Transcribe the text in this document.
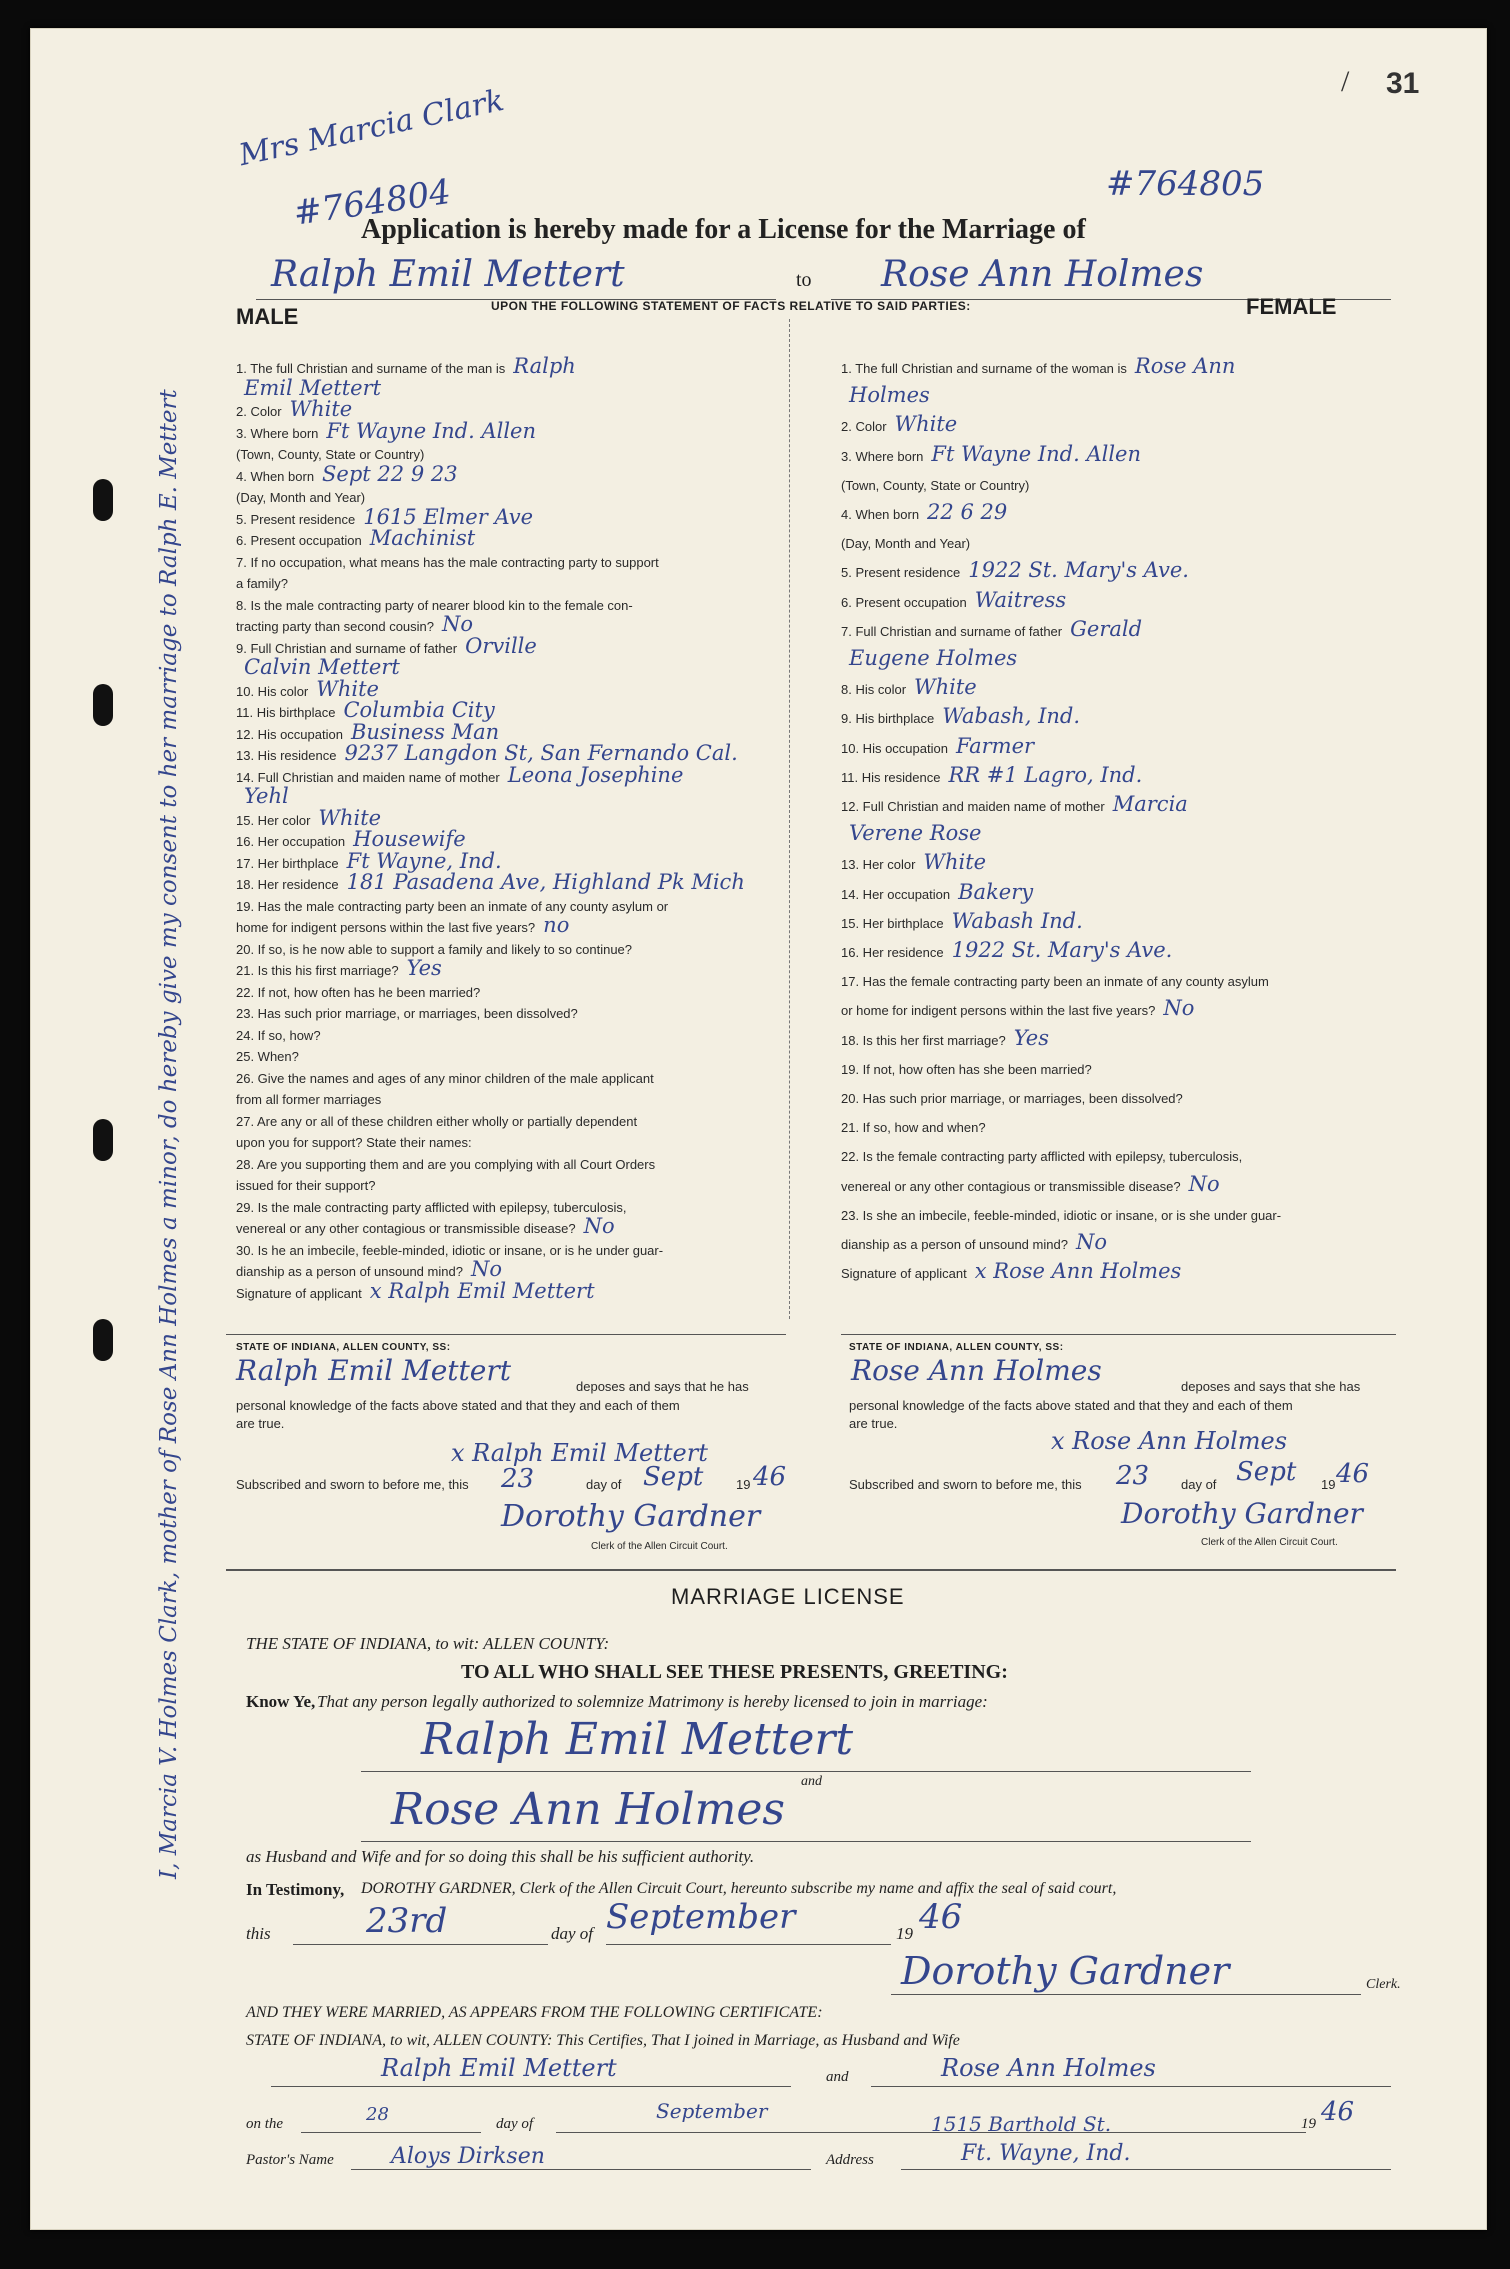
/ 31
Mrs Marcia Clark
#764804	#764805
Application is hereby made for a License for the Marriage of
Ralph Emil Mettert	to Rose Ann Holmes
MALE	UPON THE FOLLOWING STATEMENT OF FACTS RELATIVE TO SAID PARTIES:	FEMALE
1. The full Christian and surname of the man is Ralph
Emil Mettert
2. Color White
3. Where born Ft Wayne Ind. Allen
(Town, County, State or Country)
4. When born Sept 22 9 23
(Day, Month and Year)
5. Present residence 1615 Elmer Ave
6. Present occupation Machinist
7. If no occupation, what means has the male contracting party to support
a family?
8. Is the male contracting party of nearer blood kin to the female con-
tracting party than second cousin? No
9. Full Christian and surname of father Orville
Calvin Mettert
10. His color White
11. His birthplace Columbia City
12. His occupation Business Man
13. His residence 9237 Langdon St, San Fernando Cal.
14. Full Christian and maiden name of mother Leona Josephine
Yehl
15. Her color White
16. Her occupation Housewife
17. Her birthplace Ft Wayne, Ind.
18. Her residence 181 Pasadena Ave, Highland Pk Mich
19. Has the male contracting party been an inmate of any county asylum or
home for indigent persons within the last five years? no
20. If so, is he now able to support a family and likely to so continue?
21. Is this his first marriage? Yes
22. If not, how often has he been married?
23. Has such prior marriage, or marriages, been dissolved?
24. If so, how?
25. When?
26. Give the names and ages of any minor children of the male applicant
from all former marriages
27. Are any or all of these children either wholly or partially dependent
upon you for support? State their names:
28. Are you supporting them and are you complying with all Court Orders
issued for their support?
29. Is the male contracting party afflicted with epilepsy, tuberculosis,
venereal or any other contagious or transmissible disease? No
30. Is he an imbecile, feeble-minded, idiotic or insane, or is he under guar-
dianship as a person of unsound mind? No
Signature of applicant x Ralph Emil Mettert
1. The full Christian and surname of the woman is Rose Ann
Holmes
2. Color White
3. Where born Ft Wayne Ind. Allen
(Town, County, State or Country)
4. When born 22 6 29
(Day, Month and Year)
5. Present residence 1922 St. Mary's Ave.
6. Present occupation Waitress
7. Full Christian and surname of father Gerald
Eugene Holmes
8. His color White
9. His birthplace Wabash, Ind.
10. His occupation Farmer
11. His residence RR #1 Lagro, Ind.
12. Full Christian and maiden name of mother Marcia
Verene Rose
13. Her color White
14. Her occupation Bakery
15. Her birthplace Wabash Ind.
16. Her residence 1922 St. Mary's Ave.
17. Has the female contracting party been an inmate of any county asylum
or home for indigent persons within the last five years? No
18. Is this her first marriage? Yes
19. If not, how often has she been married?
20. Has such prior marriage, or marriages, been dissolved?
21. If so, how and when?
22. Is the female contracting party afflicted with epilepsy, tuberculosis,
venereal or any other contagious or transmissible disease? No
23. Is she an imbecile, feeble-minded, idiotic or insane, or is she under guar-
dianship as a person of unsound mind? No
Signature of applicant x Rose Ann Holmes
STATE OF INDIANA, ALLEN COUNTY, SS:
Ralph Emil Mettert	deposes and says that he has
personal knowledge of the facts above stated and that they and each of them
are true.
x Ralph Emil Mettert
Subscribed and sworn to before me, this 23	day of Sept	19 46
Dorothy Gardner
Clerk of the Allen Circuit Court.
STATE OF INDIANA, ALLEN COUNTY, SS:
Rose Ann Holmes	deposes and says that she has
personal knowledge of the facts above stated and that they and each of them
are true.
x Rose Ann Holmes
Subscribed and sworn to before me, this 23 day of Sept 19 46
Dorothy Gardner
Clerk of the Allen Circuit Court.
MARRIAGE LICENSE
THE STATE OF INDIANA, to wit: ALLEN COUNTY:
TO ALL WHO SHALL SEE THESE PRESENTS, GREETING:
Know Ye, That any person legally authorized to solemnize Matrimony is hereby licensed to join in marriage:
Ralph Emil Mettert
and
Rose Ann Holmes
as Husband and Wife and for so doing this shall be his sufficient authority.
In Testimony, DOROTHY GARDNER, Clerk of the Allen Circuit Court, hereunto subscribe my name and affix the seal of said court,
this	23rd	day of September	19 46
Dorothy Gardner	Clerk.
AND THEY WERE MARRIED, AS APPEARS FROM THE FOLLOWING CERTIFICATE:
STATE OF INDIANA, to wit, ALLEN COUNTY: This Certifies, That I joined in Marriage, as Husband and Wife
Ralph Emil Mettert	and	Rose Ann Holmes
on the	28	day of
September
19 46
Pastor's Name	Aloys Dirksen	Address
1515 Barthold St.
Ft. Wayne, Ind.
I, Marcia V. Holmes Clark, mother of Rose Ann Holmes a minor, do hereby give my consent to her marriage to Ralph E. Mettert
